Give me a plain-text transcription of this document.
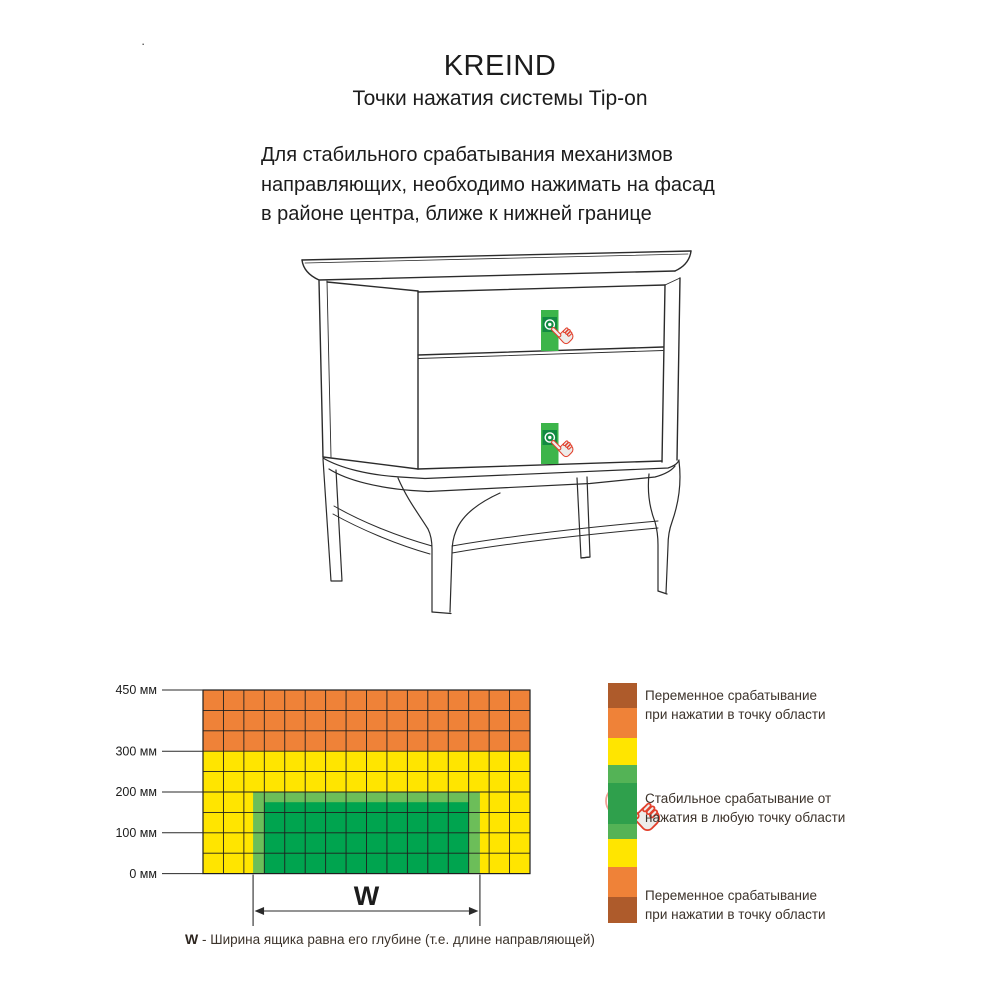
·
KREIND
Точки нажатия системы Tip-on
Для стабильного срабатывания механизмов
направляющих, необходимо нажимать на фасад
в районе центра, ближе к нижней границе
450 мм
300 мм
200 мм
100 мм
0 мм
W
Переменное срабатывание
при нажатии в точку области
Стабильное срабатывание от
нажатия в любую точку области
Переменное срабатывание
при нажатии в точку области
W - Ширина ящика равна его глубине (т.е. длине направляющей)
